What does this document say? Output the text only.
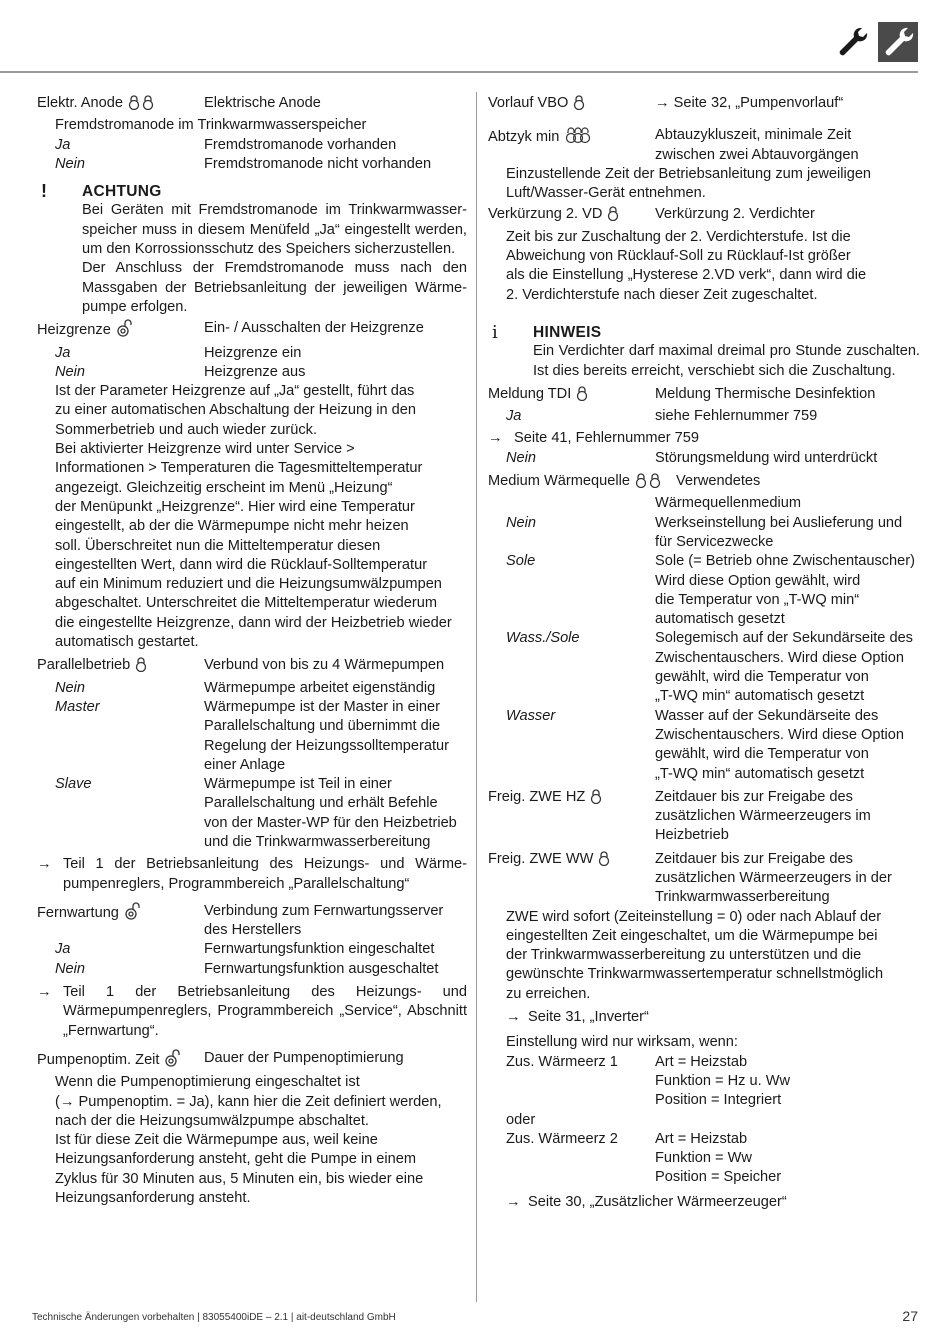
Elektr. Anode	Elektrische Anode
Fremdstromanode im Trinkwarmwasserspeicher
Ja	Fremdstromanode vorhanden
Nein	Fremdstromanode nicht vorhanden
!	ACHTUNG
Bei Geräten mit Fremdstromanode im Trinkwarmwasserspeicher muss in diesem Menüfeld „Ja“ eingestellt werden, um den Korrossionsschutz des Speichers sicherzustellen.
Der Anschluss der Fremdstromanode muss nach den Massgaben der Betriebsanleitung der jeweiligen Wärmepumpe erfolgen.
Heizgrenze	Ein- / Ausschalten der Heizgrenze
Ja	Heizgrenze ein
Nein	Heizgrenze aus
Ist der Parameter Heizgrenze auf „Ja“ gestellt, führt das
zu einer automatischen Abschaltung der Heizung in den
Sommerbetrieb und auch wieder zurück.
Bei aktivierter Heizgrenze wird unter Service >
Informationen > Temperaturen die Tagesmitteltemperatur
angezeigt. Gleichzeitig erscheint im Menü „Heizung“
der Menüpunkt „Heizgrenze“. Hier wird eine Temperatur
eingestellt, ab der die Wärmepumpe nicht mehr heizen
soll. Überschreitet nun die Mitteltemperatur diesen
eingestellten Wert, dann wird die Rücklauf-Solltemperatur
auf ein Minimum reduziert und die Heizungsumwälzpumpen
abgeschaltet. Unterschreitet die Mitteltemperatur wiederum
die eingestellte Heizgrenze, dann wird der Heizbetrieb wieder
automatisch gestartet.
Parallelbetrieb	Verbund von bis zu 4 Wärmepumpen
Nein	Wärmepumpe arbeitet eigenständig
Master	Wärmepumpe ist der Master in einer
Parallelschaltung und übernimmt die
Regelung der Heizungssolltemperatur
einer Anlage
Slave	Wärmepumpe ist Teil in einer
Parallelschaltung und erhält Befehle
von der Master-WP für den Heizbetrieb
und die Trinkwarmwasserbereitung
→ Teil 1 der Betriebsanleitung des Heizungs- und Wärmepumpenreglers, Programmbereich „Parallelschaltung“
Fernwartung	Verbindung zum Fernwartungsserver
des Herstellers
Ja	Fernwartungsfunktion eingeschaltet
Nein	Fernwartungsfunktion ausgeschaltet
→ Teil 1 der Betriebsanleitung des Heizungs- und Wärmepumpenreglers, Programmbereich „Service“, Abschnitt „Fernwartung“.
Pumpenoptim. Zeit	Dauer der Pumpenoptimierung
Wenn die Pumpenoptimierung eingeschaltet ist
(→ Pumpenoptim. = Ja), kann hier die Zeit definiert werden,
nach der die Heizungsumwälzpumpe abschaltet.
Ist für diese Zeit die Wärmepumpe aus, weil keine
Heizungsanforderung ansteht, geht die Pumpe in einem
Zyklus für 30 Minuten aus, 5 Minuten ein, bis wieder eine
Heizungsanforderung ansteht.
Vorlauf VBO	→ Seite 32, „Pumpenvorlauf“
Abtzyk min	Abtauzykluszeit, minimale Zeit
zwischen zwei Abtauvorgängen
Einzustellende Zeit der Betriebsanleitung zum jeweiligen
Luft/Wasser-Gerät entnehmen.
Verkürzung 2. VD	Verkürzung 2. Verdichter
Zeit bis zur Zuschaltung der 2. Verdichterstufe. Ist die
Abweichung von Rücklauf-Soll zu Rücklauf-Ist größer
als die Einstellung „Hysterese 2.VD verk“, dann wird die
2. Verdichterstufe nach dieser Zeit zugeschaltet.
i	HINWEIS
Ein Verdichter darf maximal dreimal pro Stunde zuschalten. Ist dies bereits erreicht, verschiebt sich die Zuschaltung.
Meldung TDI	Meldung Thermische Desinfektion
Ja	siehe Fehlernummer 759
→ Seite 41, Fehlernummer 759
Nein	Störungsmeldung wird unterdrückt
Medium Wärmequelle	Verwendetes
Wärmequellenmedium
Nein	Werkseinstellung bei Auslieferung und
für Servicezwecke
Sole	Sole (= Betrieb ohne Zwischentauscher)
Wird diese Option gewählt, wird
die Temperatur von „T-WQ min“
automatisch gesetzt
Wass./Sole	Solegemisch auf der Sekundärseite des
Zwischentauschers. Wird diese Option
gewählt, wird die Temperatur von
„T-WQ min“ automatisch gesetzt
Wasser	Wasser auf der Sekundärseite des
Zwischentauschers. Wird diese Option
gewählt, wird die Temperatur von
„T-WQ min“ automatisch gesetzt
Freig. ZWE HZ	Zeitdauer bis zur Freigabe des
zusätzlichen Wärmeerzeugers im
Heizbetrieb
Freig. ZWE WW	Zeitdauer bis zur Freigabe des
zusätzlichen Wärmeerzeugers in der
Trinkwarmwasserbereitung
ZWE wird sofort (Zeiteinstellung = 0) oder nach Ablauf der
eingestellten Zeit eingeschaltet, um die Wärmepumpe bei
der Trinkwarmwasserbereitung zu unterstützen und die
gewünschte Trinkwarmwassertemperatur schnellstmöglich
zu erreichen.
→ Seite 31, „Inverter“
Einstellung wird nur wirksam, wenn:
Zus. Wärmeerz 1	Art = Heizstab
Funktion = Hz u. Ww
Position = Integriert
oder
Zus. Wärmeerz 2	Art = Heizstab
Funktion = Ww
Position = Speicher
→ Seite 30, „Zusätzlicher Wärmeerzeuger“
Technische Änderungen vorbehalten | 83055400iDE – 2.1 | ait-deutschland GmbH	27
